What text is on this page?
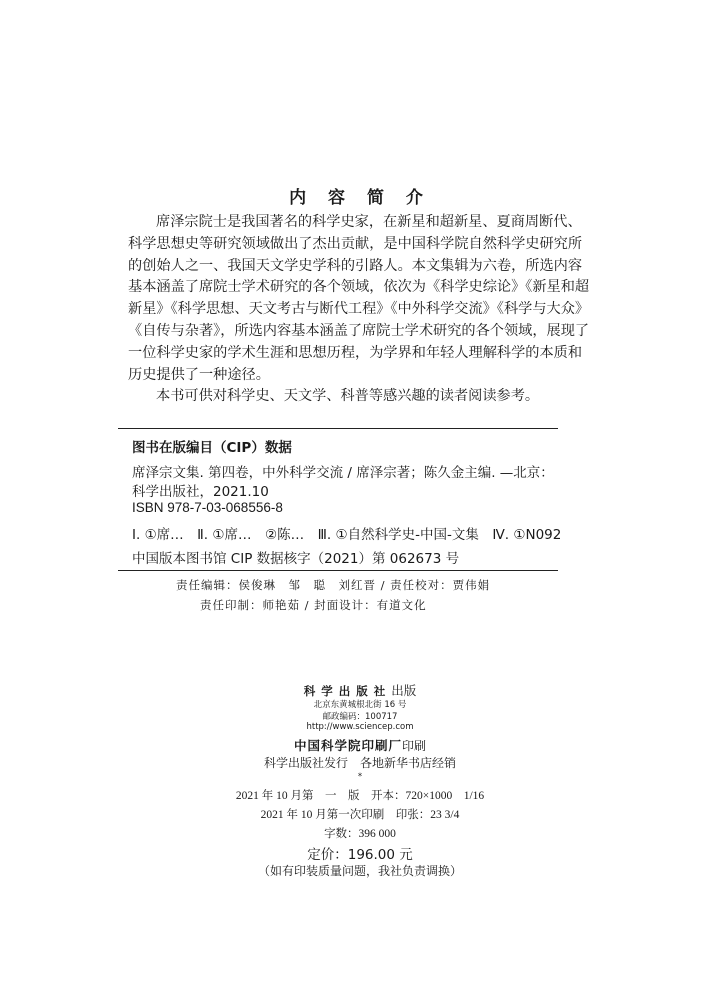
内 容 简 介
席泽宗院士是我国著名的科学史家，在新星和超新星、夏商周断代、
科学思想史等研究领域做出了杰出贡献，是中国科学院自然科学史研究所
的创始人之一、我国天文学史学科的引路人。本文集辑为六卷，所选内容
基本涵盖了席院士学术研究的各个领域，依次为《科学史综论》《新星和超
新星》《科学思想、天文考古与断代工程》《中外科学交流》《科学与大众》
《自传与杂著》，所选内容基本涵盖了席院士学术研究的各个领域，展现了
一位科学史家的学术生涯和思想历程，为学界和年轻人理解科学的本质和
历史提供了一种途径。
本书可供对科学史、天文学、科普等感兴趣的读者阅读参考。
图书在版编目（CIP）数据
席泽宗文集. 第四卷，中外科学交流 / 席泽宗著；陈久金主编. —北京：
科学出版社，2021.10
ISBN 978-7-03-068556-8
Ⅰ. ①席…　Ⅱ. ①席…　②陈…　Ⅲ. ①自然科学史-中国-文集　Ⅳ. ①N092
中国版本图书馆 CIP 数据核字（2021）第 062673 号
责任编辑：侯俊琳　邹　聪　刘红晋 / 责任校对：贾伟娟
责任印制：师艳茹 / 封面设计：有道文化
科学出版社出版
北京东黄城根北街 16 号
邮政编码：100717
http://www.sciencep.com
中国科学院印刷厂印刷
科学出版社发行　各地新华书店经销
*
2021 年 10 月第　一　版　开本：720×1000　1/16
2021 年 10 月第一次印刷　印张：23 3/4
字数：396 000
定价：196.00 元
（如有印装质量问题，我社负责调换）
